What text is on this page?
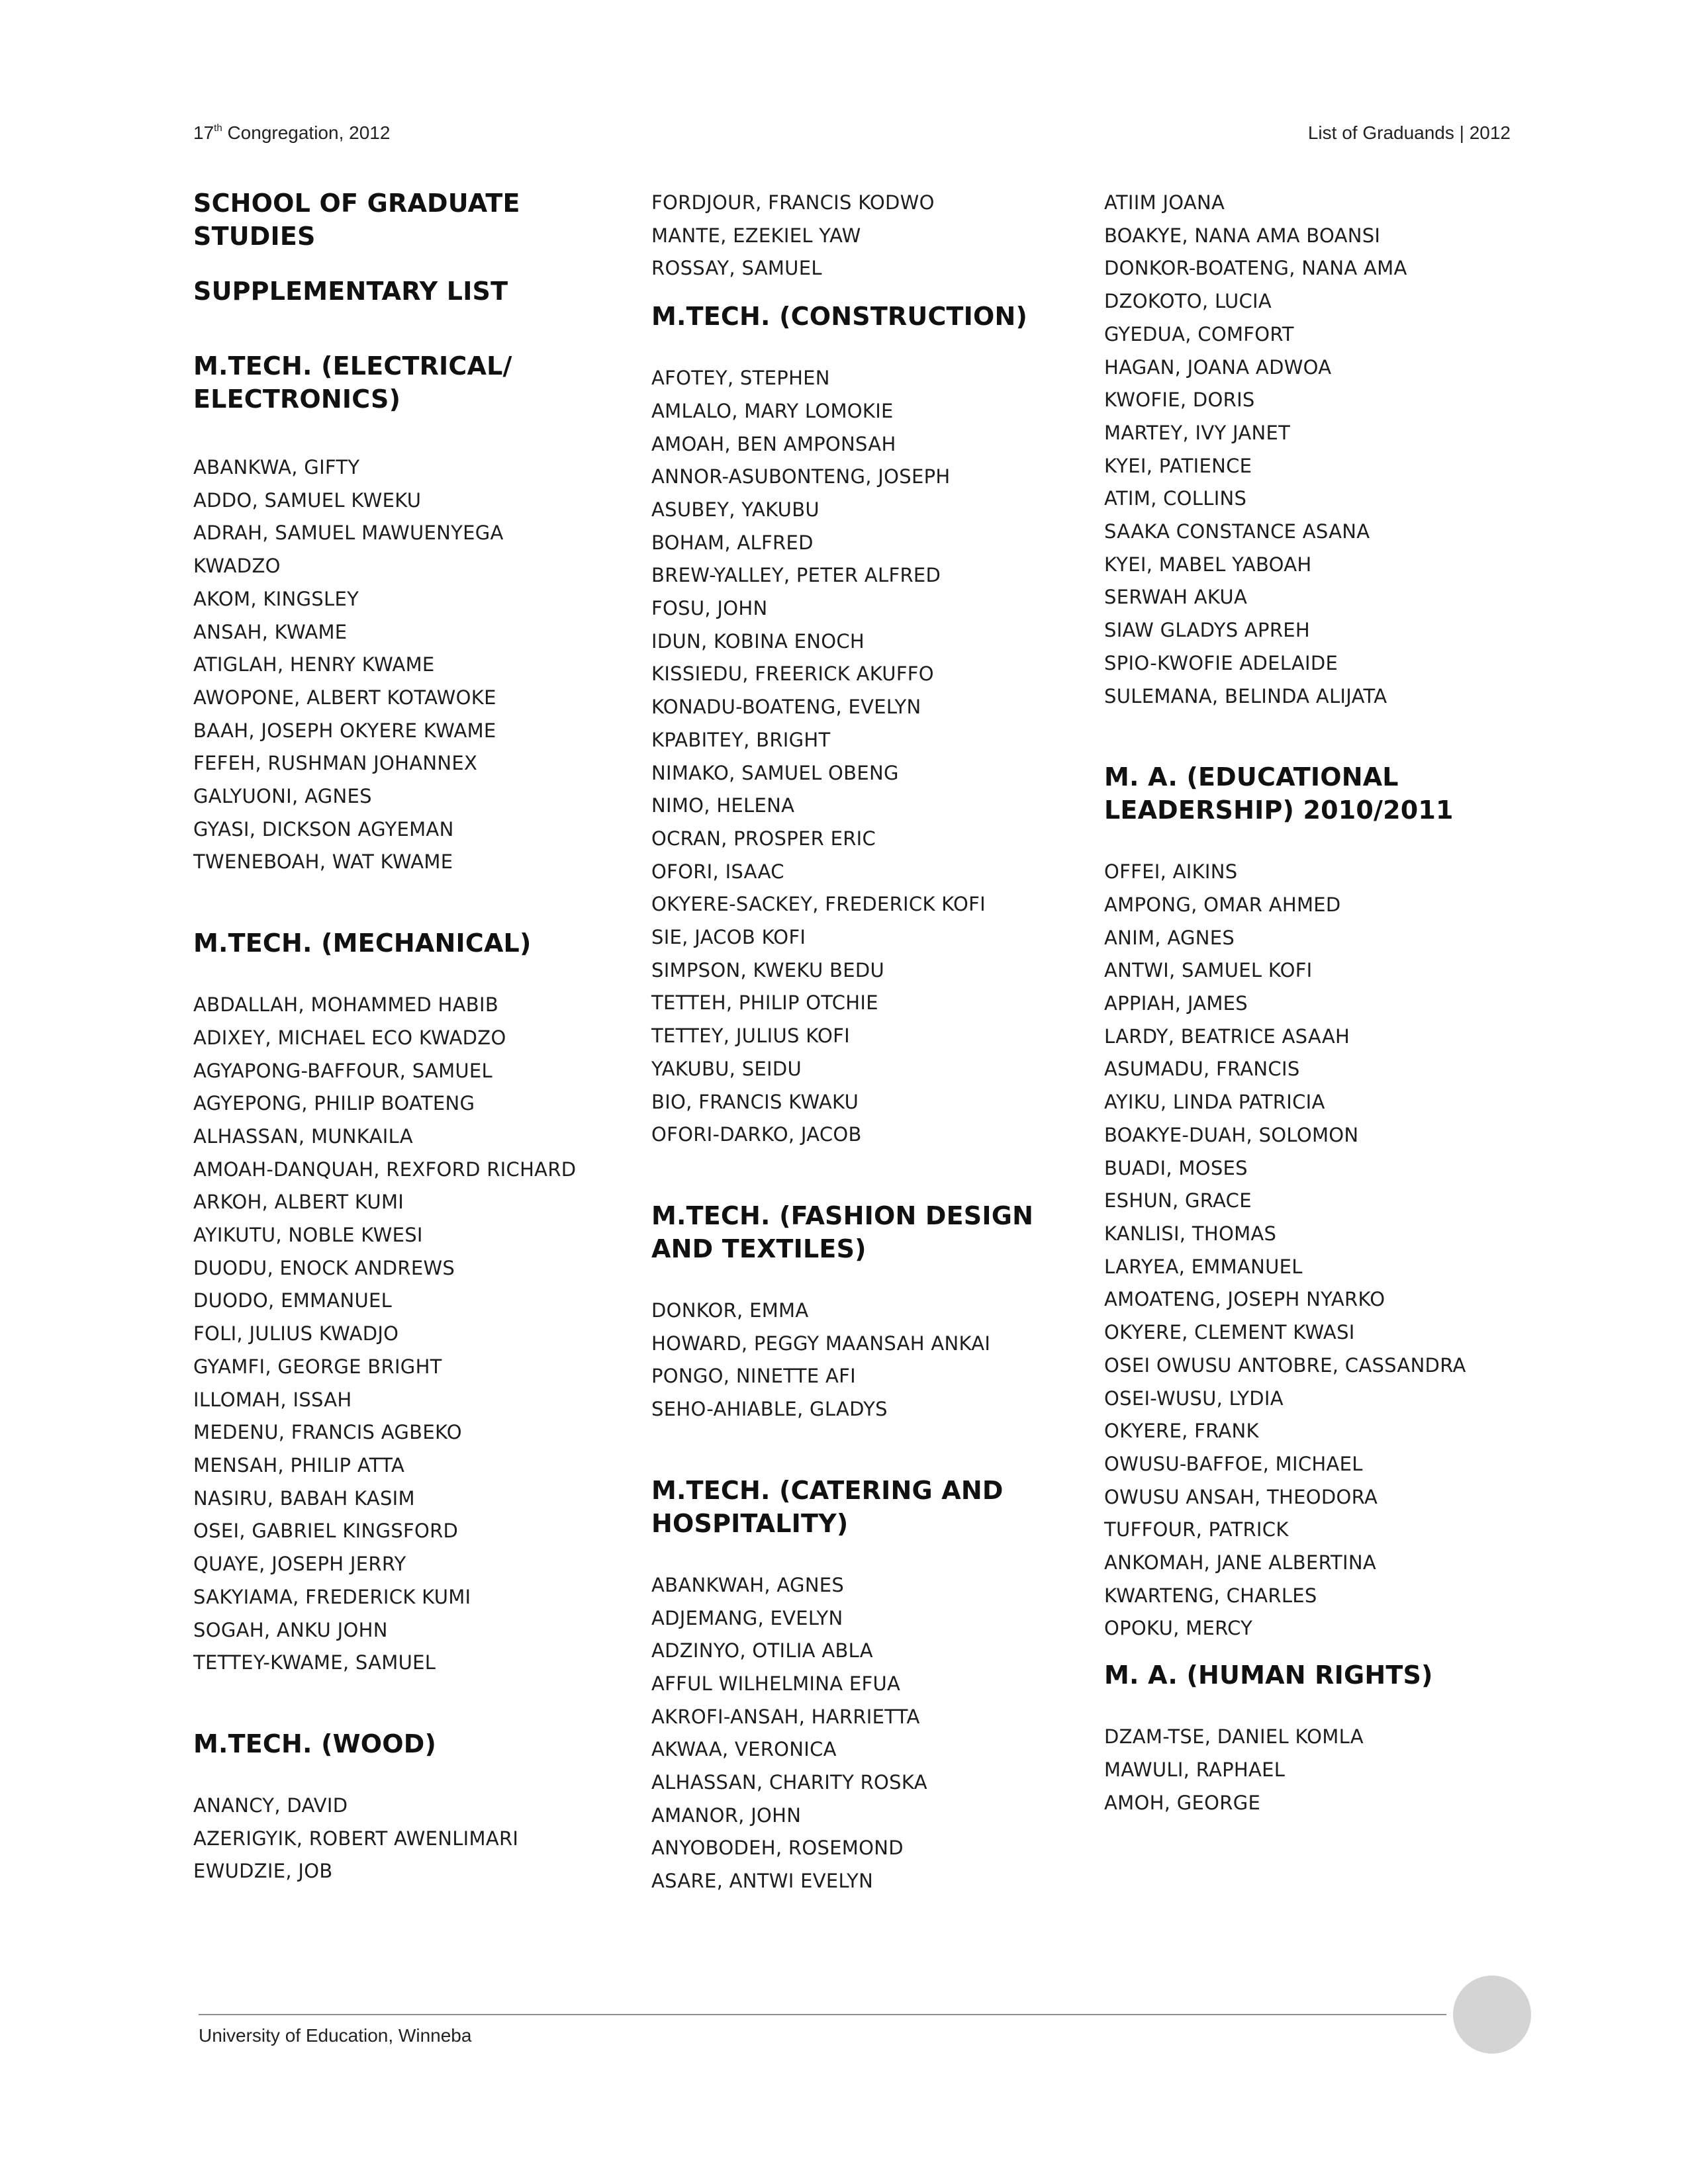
17th Congregation, 2012	List of Graduands | 2012
SCHOOL OF GRADUATE
STUDIES
SUPPLEMENTARY LIST
M.TECH. (ELECTRICAL/
ELECTRONICS)
ABANKWA, GIFTY
ADDO, SAMUEL KWEKU
ADRAH, SAMUEL MAWUENYEGA
KWADZO
AKOM, KINGSLEY
ANSAH, KWAME
ATIGLAH, HENRY KWAME
AWOPONE, ALBERT KOTAWOKE
BAAH, JOSEPH OKYERE KWAME
FEFEH, RUSHMAN JOHANNEX
GALYUONI, AGNES
GYASI, DICKSON AGYEMAN
TWENEBOAH, WAT KWAME
M.TECH. (MECHANICAL)
ABDALLAH, MOHAMMED HABIB
ADIXEY, MICHAEL ECO KWADZO
AGYAPONG-BAFFOUR, SAMUEL
AGYEPONG, PHILIP BOATENG
ALHASSAN, MUNKAILA
AMOAH-DANQUAH, REXFORD RICHARD
ARKOH, ALBERT KUMI
AYIKUTU, NOBLE KWESI
DUODU, ENOCK ANDREWS
DUODO, EMMANUEL
FOLI, JULIUS KWADJO
GYAMFI, GEORGE BRIGHT
ILLOMAH, ISSAH
MEDENU, FRANCIS AGBEKO
MENSAH, PHILIP ATTA
NASIRU, BABAH KASIM
OSEI, GABRIEL KINGSFORD
QUAYE, JOSEPH JERRY
SAKYIAMA, FREDERICK KUMI
SOGAH, ANKU JOHN
TETTEY-KWAME, SAMUEL
M.TECH. (WOOD)
ANANCY, DAVID
AZERIGYIK, ROBERT AWENLIMARI
EWUDZIE, JOB
FORDJOUR, FRANCIS KODWO
MANTE, EZEKIEL YAW
ROSSAY, SAMUEL
M.TECH. (CONSTRUCTION)
AFOTEY, STEPHEN
AMLALO, MARY LOMOKIE
AMOAH, BEN AMPONSAH
ANNOR-ASUBONTENG, JOSEPH
ASUBEY, YAKUBU
BOHAM, ALFRED
BREW-YALLEY, PETER ALFRED
FOSU, JOHN
IDUN, KOBINA ENOCH
KISSIEDU, FREERICK AKUFFO
KONADU-BOATENG, EVELYN
KPABITEY, BRIGHT
NIMAKO, SAMUEL OBENG
NIMO, HELENA
OCRAN, PROSPER ERIC
OFORI, ISAAC
OKYERE-SACKEY, FREDERICK KOFI
SIE, JACOB KOFI
SIMPSON, KWEKU BEDU
TETTEH, PHILIP OTCHIE
TETTEY, JULIUS KOFI
YAKUBU, SEIDU
BIO, FRANCIS KWAKU
OFORI-DARKO, JACOB
M.TECH. (FASHION DESIGN
AND TEXTILES)
DONKOR, EMMA
HOWARD, PEGGY MAANSAH ANKAI
PONGO, NINETTE AFI
SEHO-AHIABLE, GLADYS
M.TECH. (CATERING AND
HOSPITALITY)
ABANKWAH, AGNES
ADJEMANG, EVELYN
ADZINYO, OTILIA ABLA
AFFUL WILHELMINA EFUA
AKROFI-ANSAH, HARRIETTA
AKWAA, VERONICA
ALHASSAN, CHARITY ROSKA
AMANOR, JOHN
ANYOBODEH, ROSEMOND
ASARE, ANTWI EVELYN
ATIIM JOANA
BOAKYE, NANA AMA BOANSI
DONKOR-BOATENG, NANA AMA
DZOKOTO, LUCIA
GYEDUA, COMFORT
HAGAN, JOANA ADWOA
KWOFIE, DORIS
MARTEY, IVY JANET
KYEI, PATIENCE
ATIM, COLLINS
SAAKA CONSTANCE ASANA
KYEI, MABEL YABOAH
SERWAH AKUA
SIAW GLADYS APREH
SPIO-KWOFIE ADELAIDE
SULEMANA, BELINDA ALIJATA
M. A. (EDUCATIONAL
LEADERSHIP) 2010/2011
OFFEI, AIKINS
AMPONG, OMAR AHMED
ANIM, AGNES
ANTWI, SAMUEL KOFI
APPIAH, JAMES
LARDY, BEATRICE ASAAH
ASUMADU, FRANCIS
AYIKU, LINDA PATRICIA
BOAKYE-DUAH, SOLOMON
BUADI, MOSES
ESHUN, GRACE
KANLISI, THOMAS
LARYEA, EMMANUEL
AMOATENG, JOSEPH NYARKO
OKYERE, CLEMENT KWASI
OSEI OWUSU ANTOBRE, CASSANDRA
OSEI-WUSU, LYDIA
OKYERE, FRANK
OWUSU-BAFFOE, MICHAEL
OWUSU ANSAH, THEODORA
TUFFOUR, PATRICK
ANKOMAH, JANE ALBERTINA
KWARTENG, CHARLES
OPOKU, MERCY
M. A. (HUMAN RIGHTS)
DZAM-TSE, DANIEL KOMLA
MAWULI, RAPHAEL
AMOH, GEORGE
University of Education, Winneba
